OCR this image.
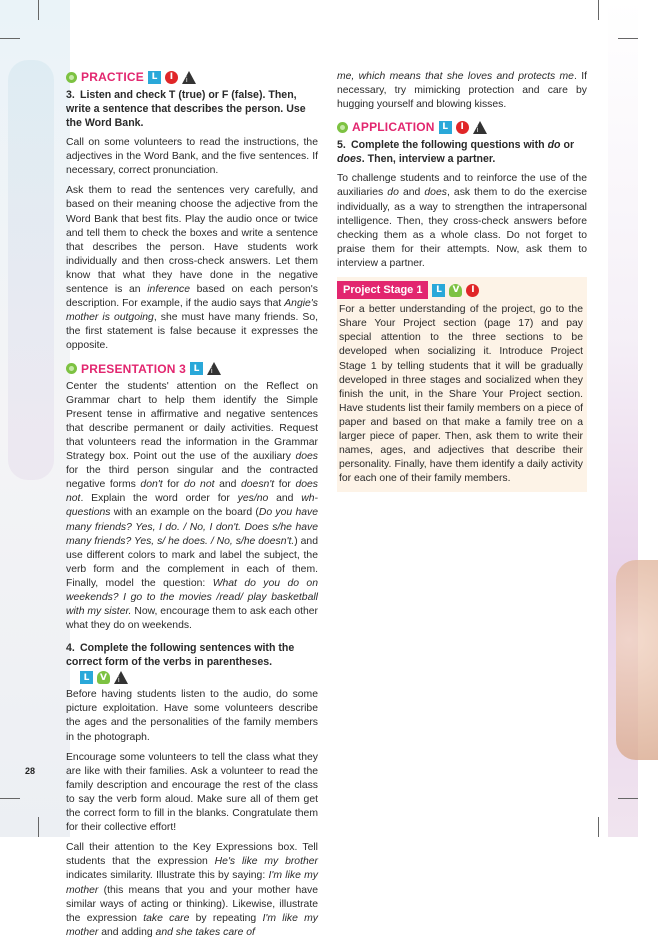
PRACTICE L	I	i
3. Listen and check T (true) or F (false). Then, write a sentence that describes the person. Use the Word Bank.

Call on some volunteers to read the instructions, the adjectives in the Word Bank, and the five sentences. If necessary, correct pronunciation.

Ask them to read the sentences very carefully, and based on their meaning choose the adjective from the Word Bank that best fits. Play the audio once or twice and tell them to check the boxes and write a sentence that describes the person. Have students work individually and then cross-check answers. Let them know that what they have done in the negative sentence is an inference based on each person's description. For example, if the audio says that Angie's mother is outgoing, she must have many friends. So, the first statement is false because it expresses the opposite.

PRESENTATION 3 L	i

Center the students' attention on the Reflect on Grammar chart to help them identify the Simple Present tense in affirmative and negative sentences that describe permanent or daily activities. Request that volunteers read the information in the Grammar Strategy box. Point out the use of the auxiliary does for the third person singular and the contracted negative forms don't for do not and doesn't for does not. Explain the word order for yes/no and wh-questions with an example on the board (Do you have many friends? Yes, I do. / No, I don't. Does s/he have many friends? Yes, s/ he does. / No, s/he doesn't.) and use different colors to mark and label the subject, the verb form and the complement in each of them. Finally, model the question: What do you do on weekends? I go to the movies /read/ play basketball with my sister. Now, encourage them to ask each other what they do on weekends.

4. Complete the following sentences with the correct form of the verbs in parentheses.
L	V	i

Before having students listen to the audio, do some picture exploitation. Have some volunteers describe the ages and the personalities of the family members in the photograph.

Encourage some volunteers to tell the class what they are like with their families. Ask a volunteer to read the family description and encourage the rest of the class to say the verb form aloud. Make sure all of them get the correct form to fill in the blanks. Congratulate them for their collective effort!

Call their attention to the Key Expressions box. Tell students that the expression He's like my brother indicates similarity. Illustrate this by saying: I'm like my mother (this means that you and your mother have similar ways of acting or thinking). Likewise, illustrate the expression take care by repeating I'm like my mother and adding and she takes care of

me, which means that she loves and protects me. If necessary, try mimicking protection and care by hugging yourself and blowing kisses.

APPLICATION L	I	i
5. Complete the following questions with do or does. Then, interview a partner.

To challenge students and to reinforce the use of the auxiliaries do and does, ask them to do the exercise individually, as a way to strengthen the intrapersonal intelligence. Then, they cross-check answers before checking them as a whole class. Do not forget to praise them for their attempts. Now, ask them to interview a partner.

Project Stage 1	L	V	I

For a better understanding of the project, go to the Share Your Project section (page 17) and pay special attention to the three sections to be developed when socializing it. Introduce Project Stage 1 by telling students that it will be gradually developed in three stages and socialized when they finish the unit, in the Share Your Project section. Have students list their family members on a piece of paper and based on that make a family tree on a larger piece of paper. Then, ask them to write their names, ages, and adjectives that describe their personality. Finally, have them identify a daily activity for each one of their family members.

28
